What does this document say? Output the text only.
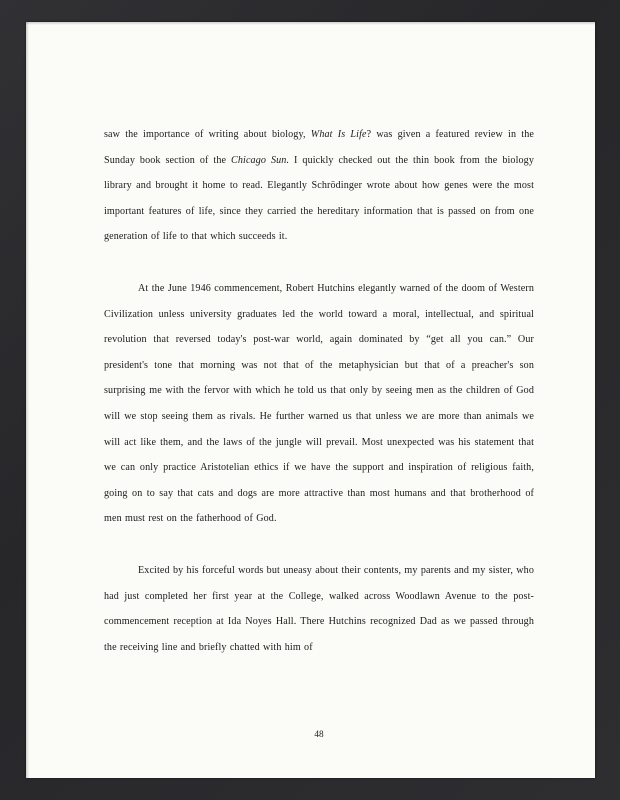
saw the importance of writing about biology, What Is Life? was given a featured review in the Sunday book section of the Chicago Sun. I quickly checked out the thin book from the biology library and brought it home to read. Elegantly Schrödinger wrote about how genes were the most important features of life, since they carried the hereditary information that is passed on from one generation of life to that which succeeds it.

At the June 1946 commencement, Robert Hutchins elegantly warned of the doom of Western Civilization unless university graduates led the world toward a moral, intellectual, and spiritual revolution that reversed today's post-war world, again dominated by “get all you can.” Our president's tone that morning was not that of the metaphysician but that of a preacher's son surprising me with the fervor with which he told us that only by seeing men as the children of God will we stop seeing them as rivals. He further warned us that unless we are more than animals we will act like them, and the laws of the jungle will prevail. Most unexpected was his statement that we can only practice Aristotelian ethics if we have the support and inspiration of religious faith, going on to say that cats and dogs are more attractive than most humans and that brotherhood of men must rest on the fatherhood of God.

Excited by his forceful words but uneasy about their contents, my parents and my sister, who had just completed her first year at the College, walked across Woodlawn Avenue to the post-commencement reception at Ida Noyes Hall. There Hutchins recognized Dad as we passed through the receiving line and briefly chatted with him of

48
